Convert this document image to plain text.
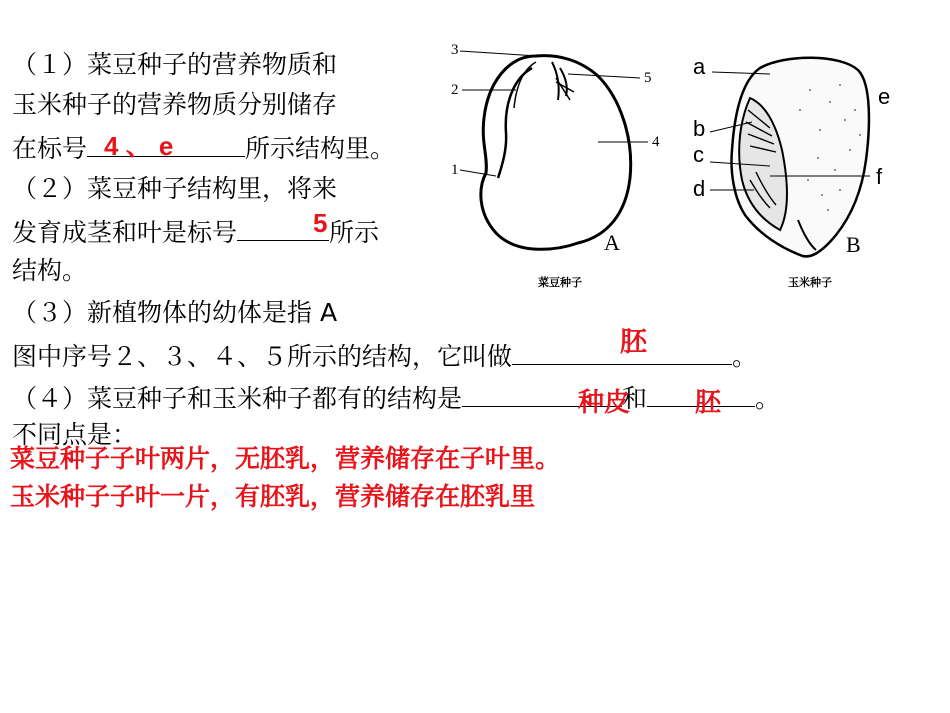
（１）菜豆种子的营养物质和
玉米种子的营养物质分别储存
在标号	所示结构里。
（２）菜豆种子结构里，将来
发育成茎和叶是标号	所示
结构。
（３）新植物体的幼体是指 A
图中序号２、３、４、５所示的结构，它叫做	。
（４）菜豆种子和玉米种子都有的结构是	和	。
不同点是：
4 、 e
5
胚
种皮 胚
菜豆种子子叶两片，无胚乳，营养储存在子叶里。
玉米种子子叶一片，有胚乳，营养储存在胚乳里
3
2
1
5
4
A
菜豆种子
a
b
c
d
e
f
B
玉米种子
